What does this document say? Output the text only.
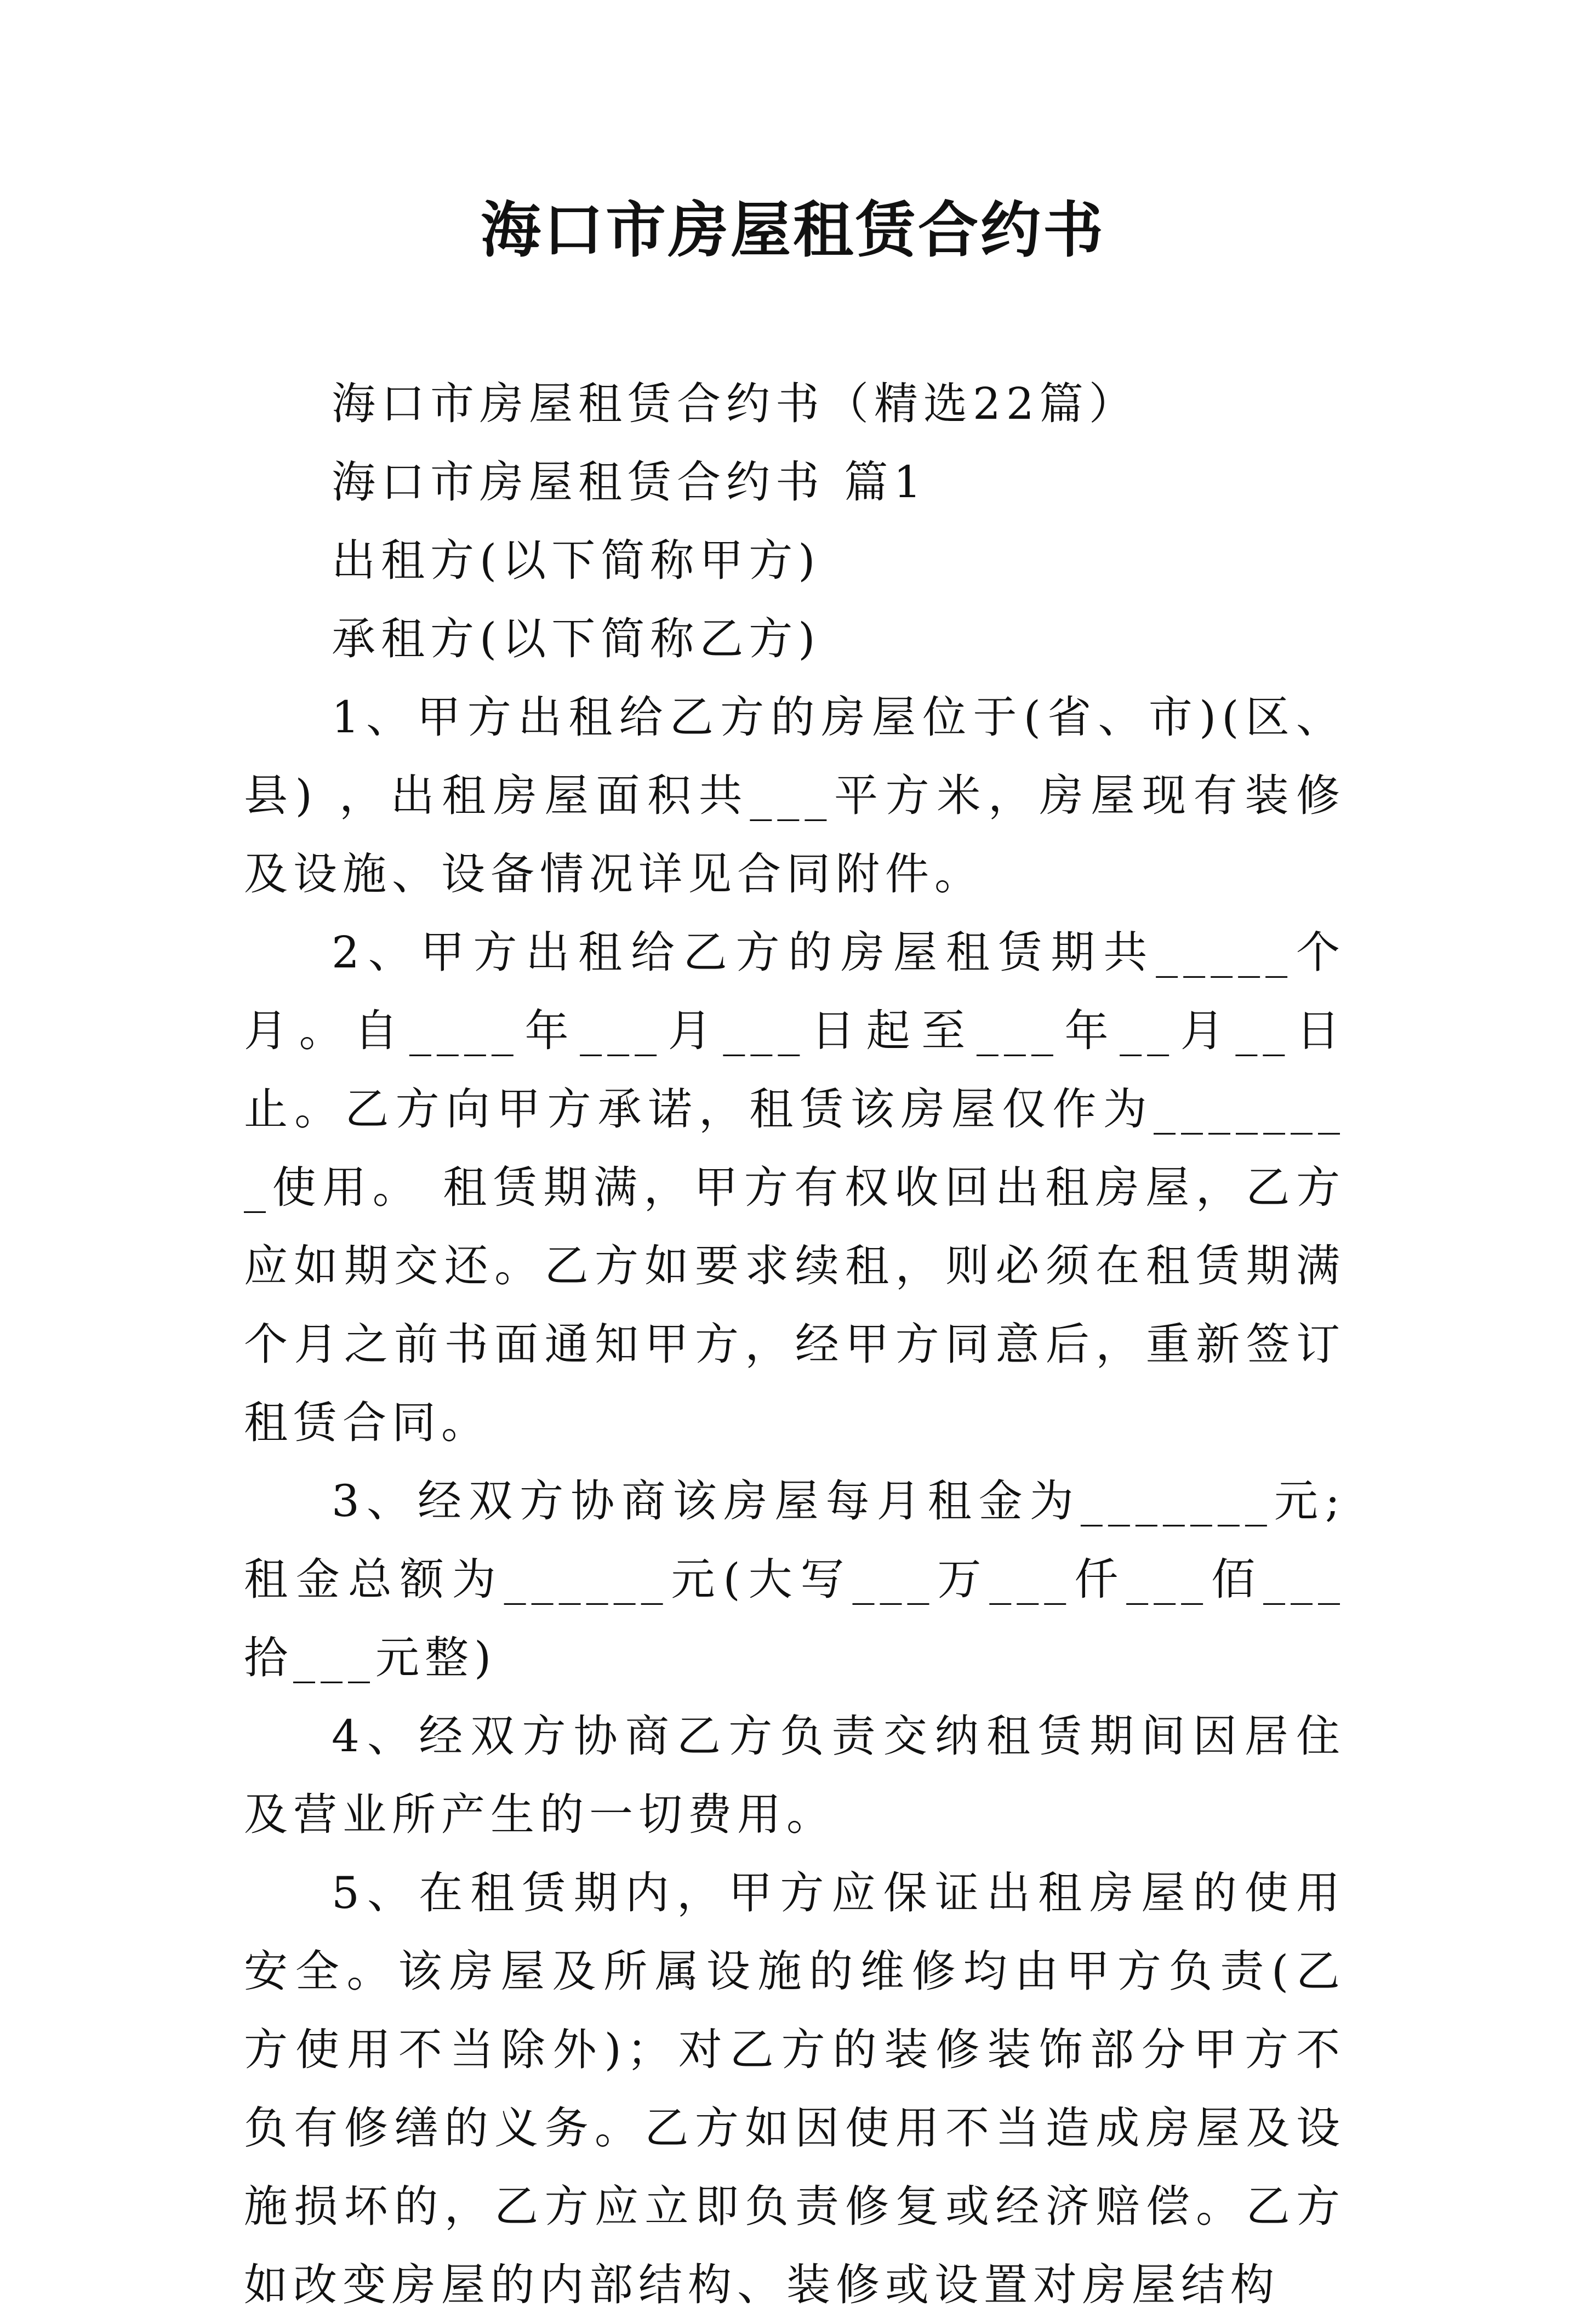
海口市房屋租赁合约书

海口市房屋租赁合约书（精选22篇）

海口市房屋租赁合约书 篇1

出租方(以下简称甲方)

承租方(以下简称乙方)

1、甲方出租给乙方的房屋位于(省、市)(区、县) ，出租房屋面积共___平方米，房屋现有装修及设施、设备情况详见合同附件。

2、甲方出租给乙方的房屋租赁期共_____个月。自____年___月___日起至___年__月__日止。乙方向甲方承诺，租赁该房屋仅作为________使用。 租赁期满，甲方有权收回出租房屋，乙方应如期交还。乙方如要求续租，则必须在租赁期满个月之前书面通知甲方，经甲方同意后，重新签订租赁合同。

3、经双方协商该房屋每月租金为_______元;租金总额为______元(大写___万___仟___佰___拾___元整)

4、经双方协商乙方负责交纳租赁期间因居住及营业所产生的一切费用。

5、在租赁期内，甲方应保证出租房屋的使用安全。该房屋及所属设施的维修均由甲方负责(乙方使用不当除外)；对乙方的装修装饰部分甲方不负有修缮的义务。乙方如因使用不当造成房屋及设施损坏的，乙方应立即负责修复或经济赔偿。乙方如改变房屋的内部结构、装修或设置对房屋结构
